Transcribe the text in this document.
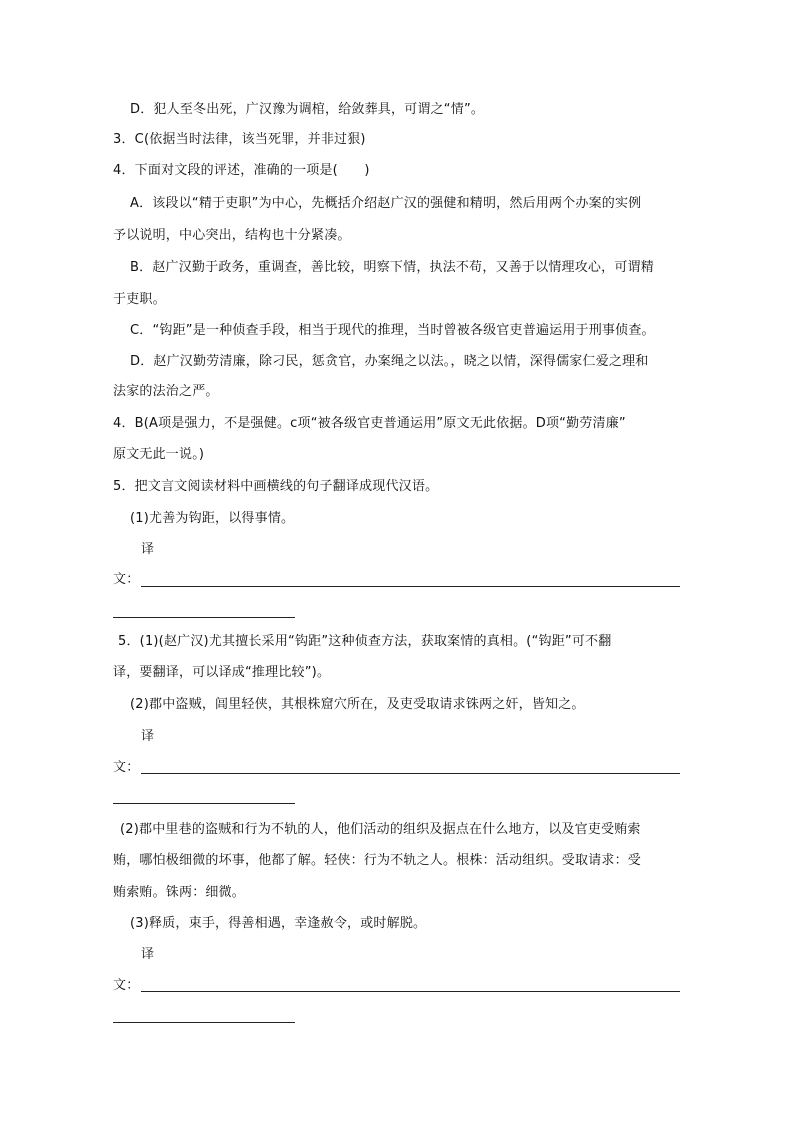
D．犯人至冬出死，广汉豫为调棺，给敛葬具，可谓之“情”。
3．C(依据当时法律，该当死罪，并非过狠)
4．下面对文段的评述，准确的一项是(　　)
A．该段以“精于吏职”为中心，先概括介绍赵广汉的强健和精明，然后用两个办案的实例
予以说明，中心突出，结构也十分紧凑。
B．赵广汉勤于政务，重调查，善比较，明察下情，执法不苟，又善于以情理攻心，可谓精
于吏职。
C．“钩距”是一种侦查手段，相当于现代的推理，当时曾被各级官吏普遍运用于刑事侦查。
D．赵广汉勤劳清廉，除刁民，惩贪官，办案绳之以法。，晓之以情，深得儒家仁爱之理和
法家的法治之严。
4．B(A项是强力，不是强健。c项“被各级官吏普通运用”原文无此依据。D项“勤劳清廉”
原文无此一说。)
5．把文言文阅读材料中画横线的句子翻译成现代汉语。
(1)尤善为钩距，以得事情。
译
文：
5．(1)(赵广汉)尤其擅长采用“钩距”这种侦查方法，获取案情的真相。(“钩距”可不翻
译，要翻译，可以译成“推理比较”)。
(2)郡中盗贼，闾里轻侠，其根株窟穴所在，及吏受取请求铢两之奸，皆知之。
译
文：
(2)郡中里巷的盗贼和行为不轨的人，他们活动的组织及据点在什么地方，以及官吏受贿索
贿，哪怕极细微的坏事，他都了解。轻侠：行为不轨之人。根株：活动组织。受取请求：受
贿索贿。铢两：细微。
(3)释质，束手，得善相遇，幸逢赦令，或时解脱。
译
文：
